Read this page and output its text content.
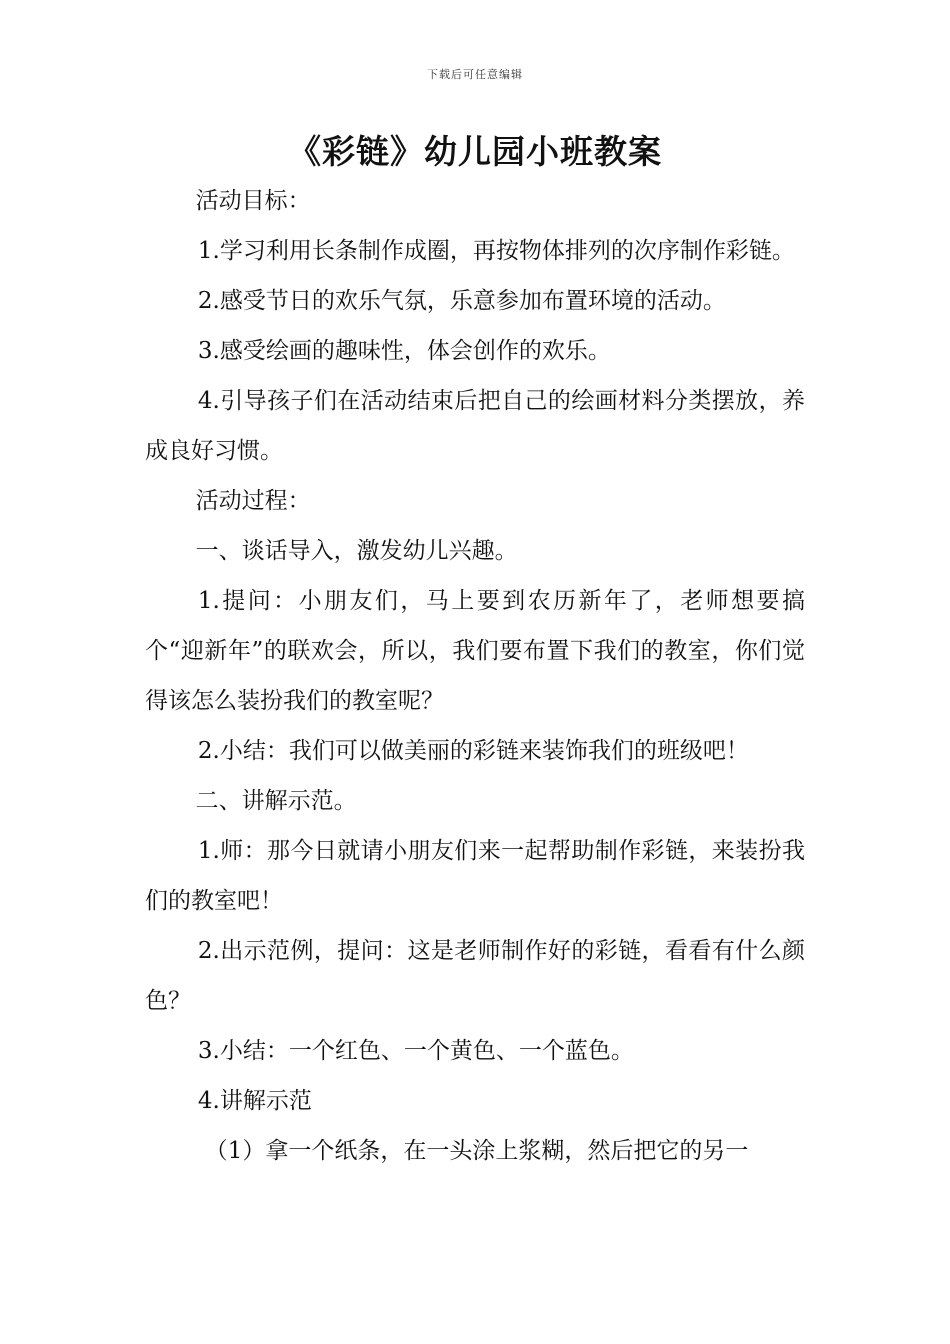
下载后可任意编辑
《彩链》幼儿园小班教案

活动目标：

1.学习利用长条制作成圈，再按物体排列的次序制作彩链。

2.感受节日的欢乐气氛，乐意参加布置环境的活动。

3.感受绘画的趣味性，体会创作的欢乐。

4.引导孩子们在活动结束后把自己的绘画材料分类摆放，养成良好习惯。

活动过程：

一、谈话导入，激发幼儿兴趣。

1.提问：小朋友们，马上要到农历新年了，老师想要搞个“迎新年”的联欢会，所以，我们要布置下我们的教室，你们觉得该怎么装扮我们的教室呢？

2.小结：我们可以做美丽的彩链来装饰我们的班级吧！

二、讲解示范。

1.师：那今日就请小朋友们来一起帮助制作彩链，来装扮我们的教室吧！

2.出示范例，提问：这是老师制作好的彩链，看看有什么颜色？

3.小结：一个红色、一个黄色、一个蓝色。

4.讲解示范

（1）拿一个纸条，在一头涂上浆糊，然后把它的另一
